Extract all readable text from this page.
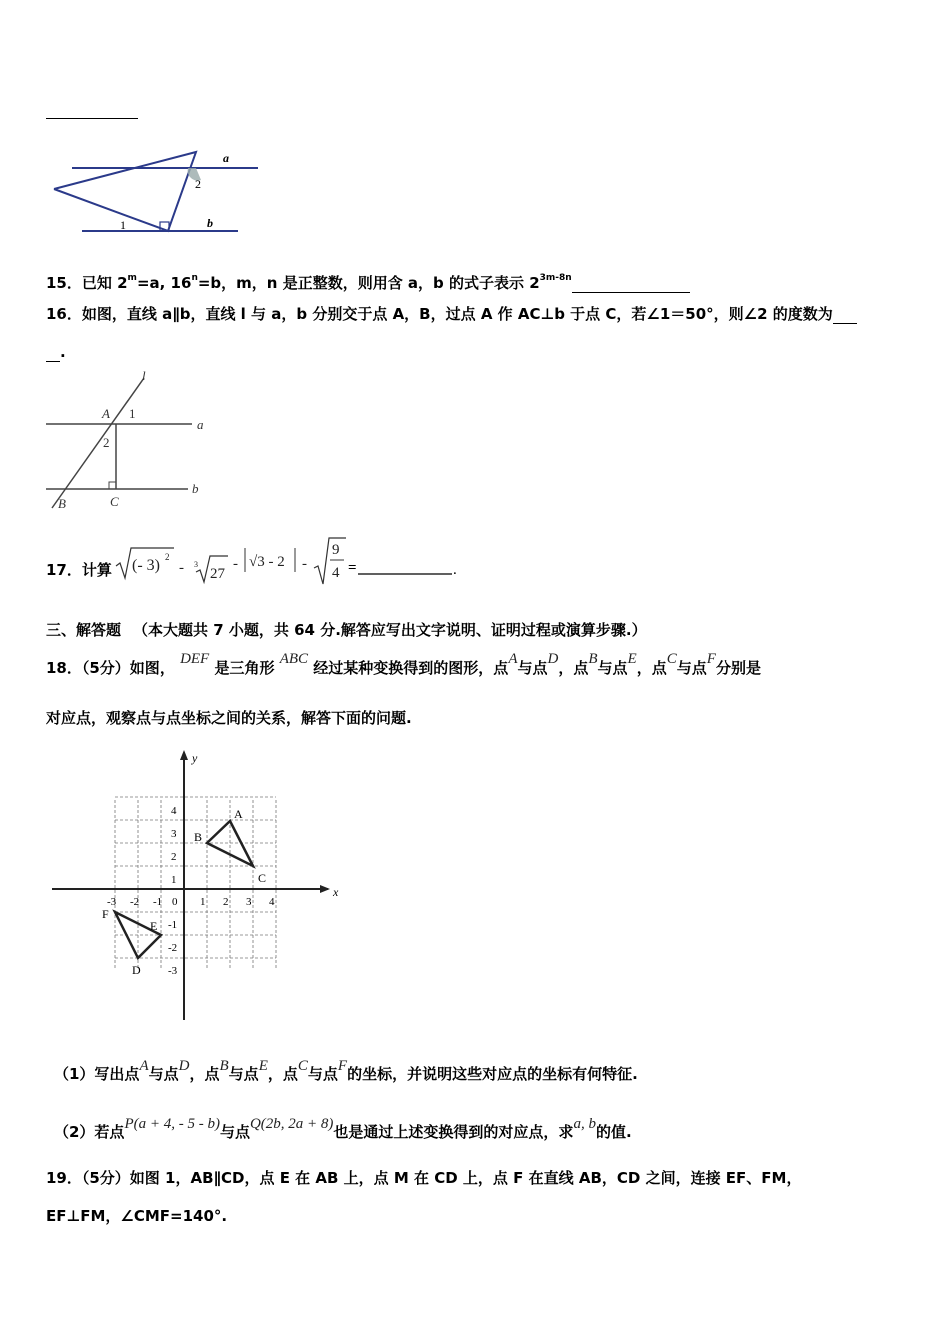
a
2
1	b
15．已知 $2^m=a$, $16^n=b$，m，n 是正整数，则用含 a，b 的式子表示 $2^{3m-8n}$
16．如图，直线 a∥b，直线 l 与 a，b 分别交于点 A，B，过点 A 作 AC⊥b 于点 C，若∠1＝50°，则∠2 的度数为
.
l
A 1
2
a
b
B	C
17．计算 (- 3) 2
- 3
27
- √3 - 2 -
9
4 =	.
三、解答题 （本大题共 7 小题，共 64 分.解答应写出文字说明、证明过程或演算步骤.）
18．（5分）如图， DEF 是三角形 ABC 经过某种变换得到的图形，点A与点D，点B与点E，点C与点F分别是
对应点，观察点与点坐标之间的关系，解答下面的问题.
y
x
0
-3 -2 -1	1 2 3 4
4
3
2
1
-1
-2
-3
A
B
C
F
E
D
（1）写出点A与点D，点B与点E，点C与点F的坐标，并说明这些对应点的坐标有何特征.
（2）若点P(a + 4, - 5 - b)与点Q(2b, 2a + 8)也是通过上述变换得到的对应点，求a, b的值.
19．（5分）如图 1，AB∥CD，点 E 在 AB 上，点 M 在 CD 上，点 F 在直线 AB，CD 之间，连接 EF、FM，
EF⊥FM，∠CMF=140°.
